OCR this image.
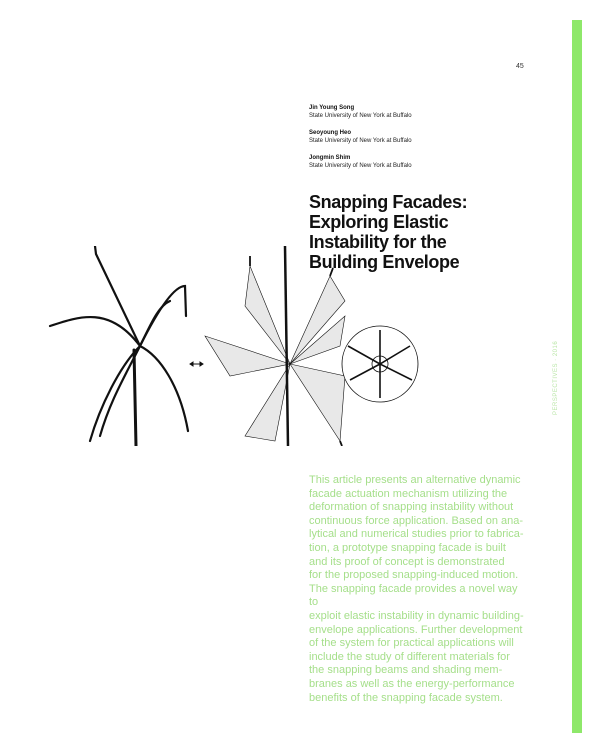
45
Jin Young Song
State University of New York at Buffalo
Seoyoung Heo
State University of New York at Buffalo
Jongmin Shim
State University of New York at Buffalo
Snapping Facades:
Exploring Elastic
Instability for the
Building Envelope
PERSPECTIVES · 2016

This article presents an alternative dynamic
facade actuation mechanism utilizing the
deformation of snapping instability without
continuous force application. Based on ana-
lytical and numerical studies prior to fabrica-
tion, a prototype snapping facade is built
and its proof of concept is demonstrated
for the proposed snapping-induced motion.
The snapping facade provides a novel way to
exploit elastic instability in dynamic building-
envelope applications. Further development
of the system for practical applications will
include the study of different materials for
the snapping beams and shading mem-
branes as well as the energy-performance
benefits of the snapping facade system.
